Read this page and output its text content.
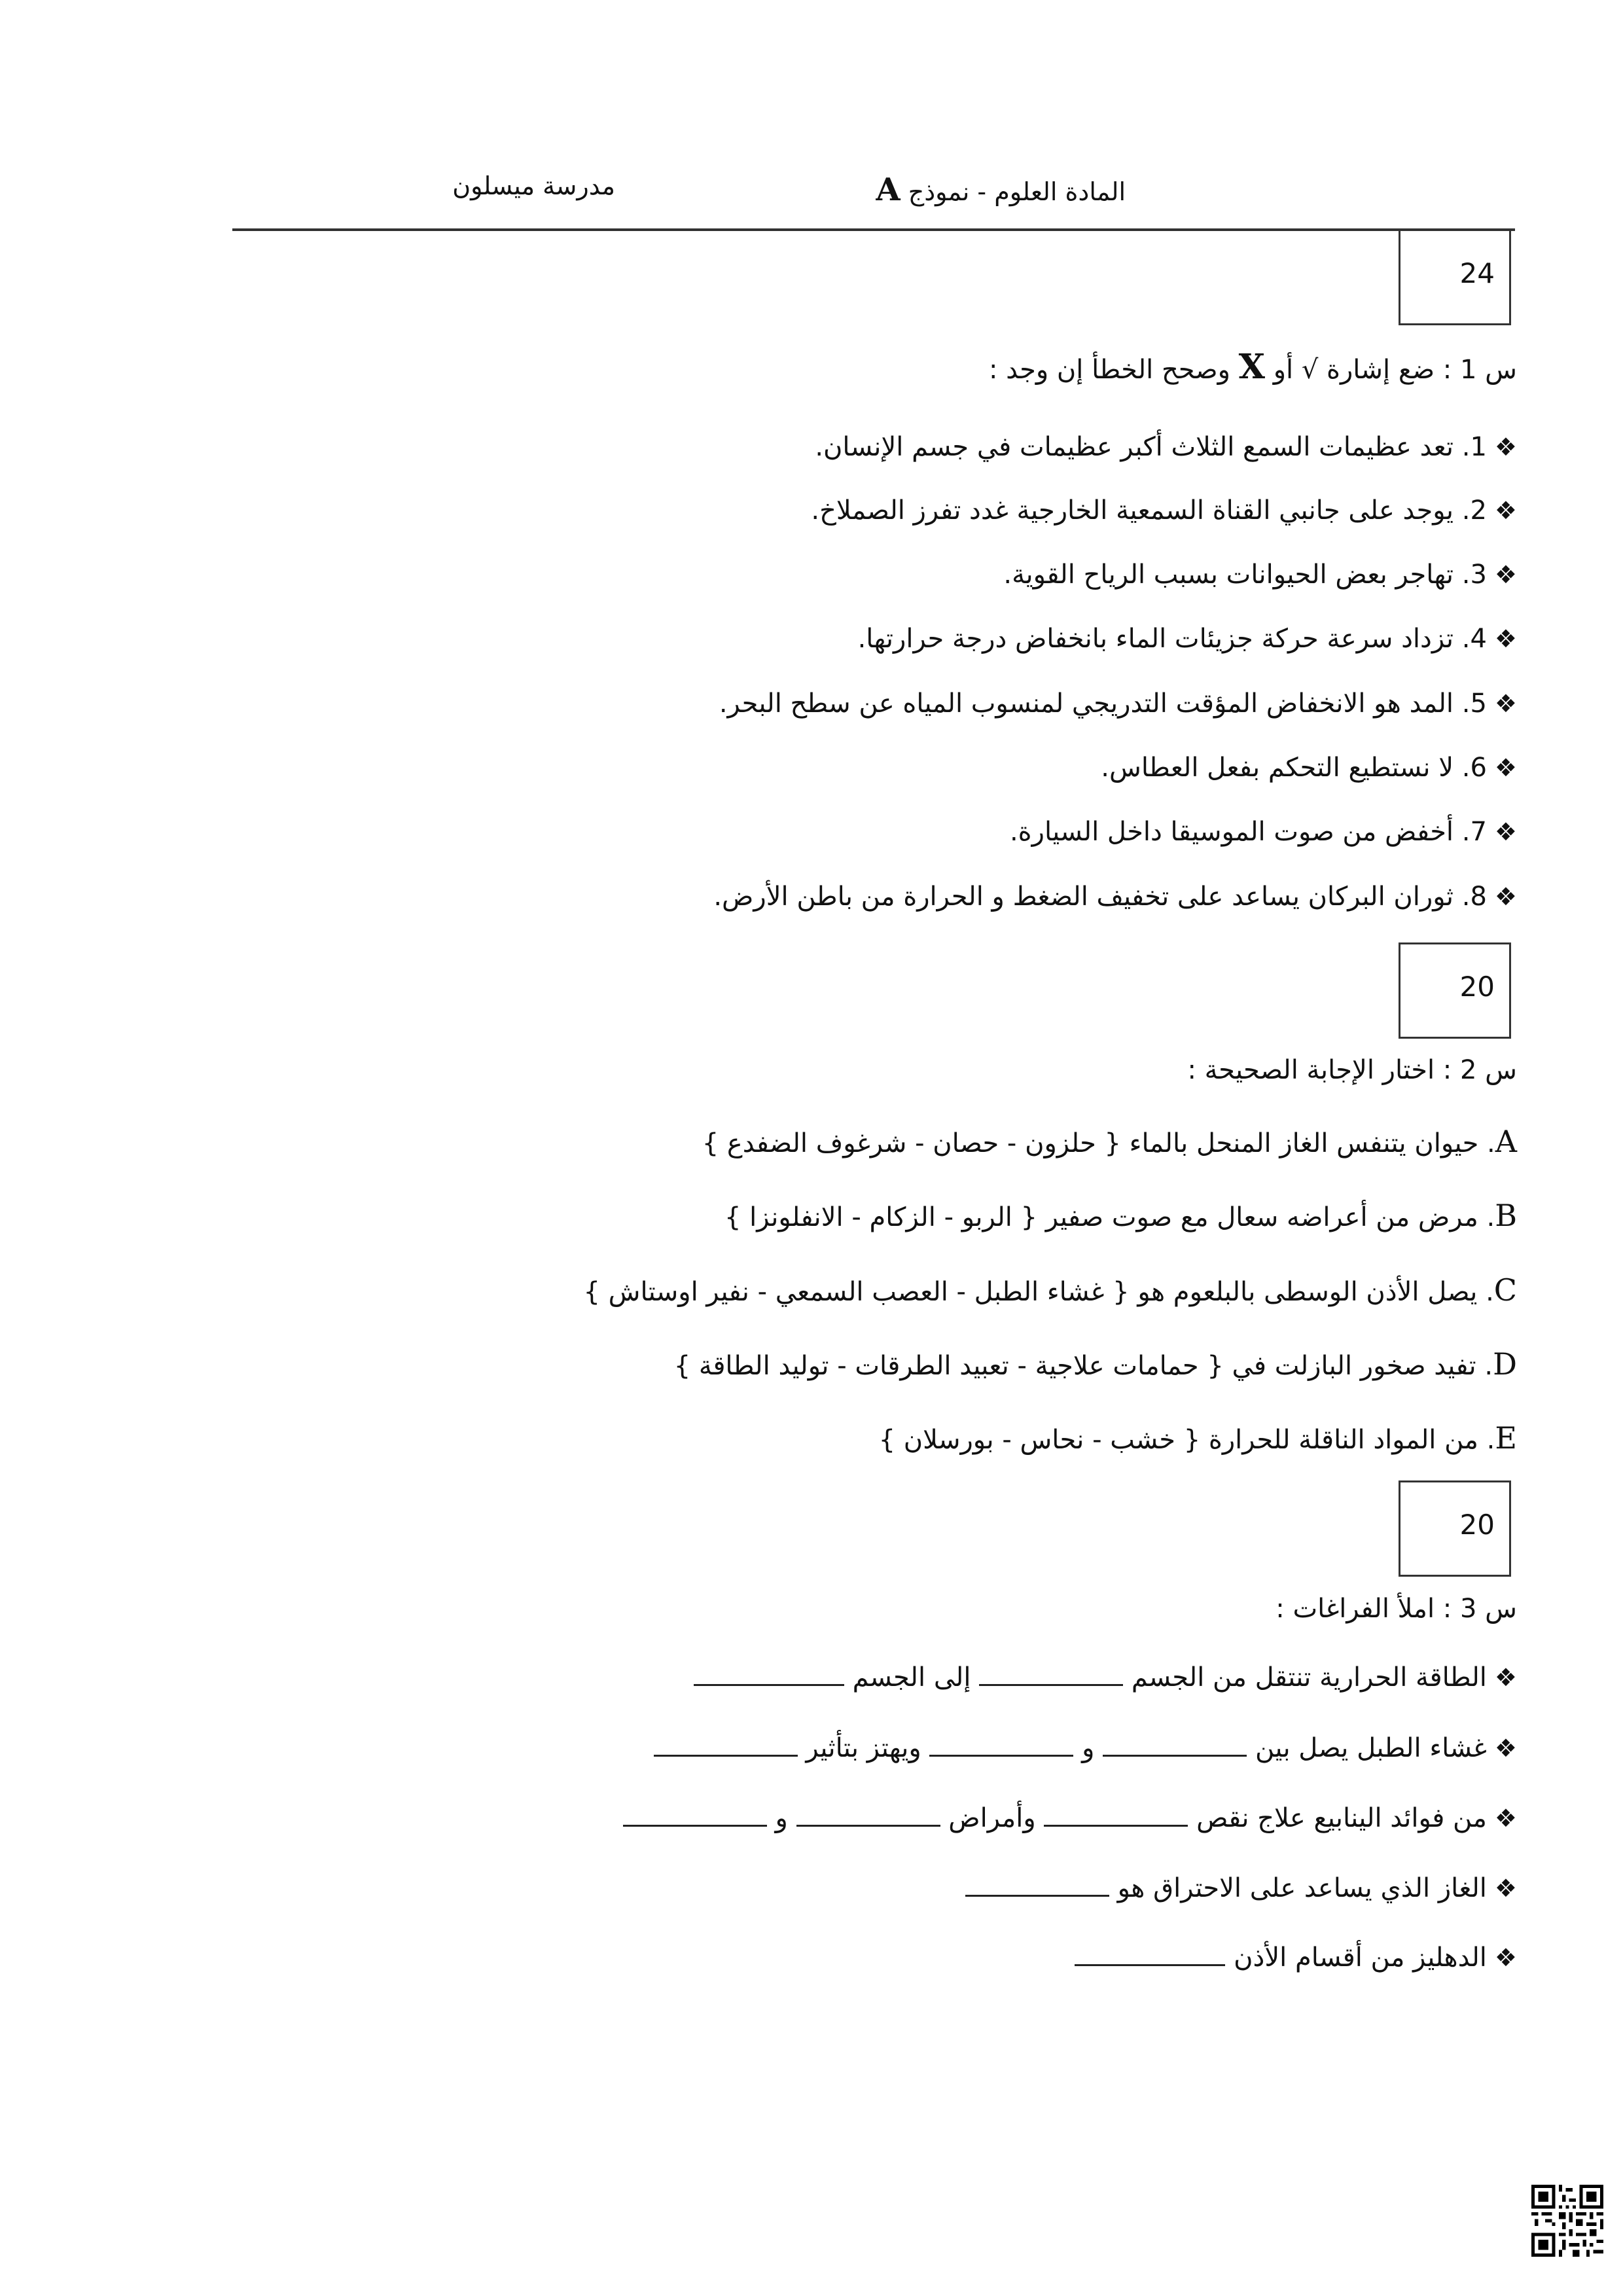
المادة العلوم - نموذج A
مدرسة ميسلون
24
س 1 : ضع إشارة √ أو X وصحح الخطأ إن وجد :
❖1. تعد عظيمات السمع الثلاث أكبر عظيمات في جسم الإنسان.
❖2. يوجد على جانبي القناة السمعية الخارجية غدد تفرز الصملاخ.
❖3. تهاجر بعض الحيوانات بسبب الرياح القوية.
❖4. تزداد سرعة حركة جزيئات الماء بانخفاض درجة حرارتها.
❖5. المد هو الانخفاض المؤقت التدريجي لمنسوب المياه عن سطح البحر.
❖6. لا نستطيع التحكم بفعل العطاس.
❖7. أخفض من صوت الموسيقا داخل السيارة.
❖8. ثوران البركان يساعد على تخفيف الضغط و الحرارة من باطن الأرض.
20
س 2 : اختار الإجابة الصحيحة :
A. حيوان يتنفس الغاز المنحل بالماء { حلزون - حصان - شرغوف الضفدع }
B. مرض من أعراضه سعال مع صوت صفير { الربو - الزكام - الانفلونزا }
C. يصل الأذن الوسطى بالبلعوم هو { غشاء الطبل - العصب السمعي - نفير اوستاش }
D. تفيد صخور البازلت في { حمامات علاجية - تعبيد الطرقات - توليد الطاقة }
E. من المواد الناقلة للحرارة { خشب - نحاس - بورسلان }
20
س 3 : املأ الفراغات :
❖الطاقة الحرارية تنتقل من الجسم  إلى الجسم
❖غشاء الطبل يصل بين  و  ويهتز بتأثير
❖من فوائد الينابيع علاج نقص  وأمراض  و
❖الغاز الذي يساعد على الاحتراق هو
❖الدهليز من أقسام الأذن
